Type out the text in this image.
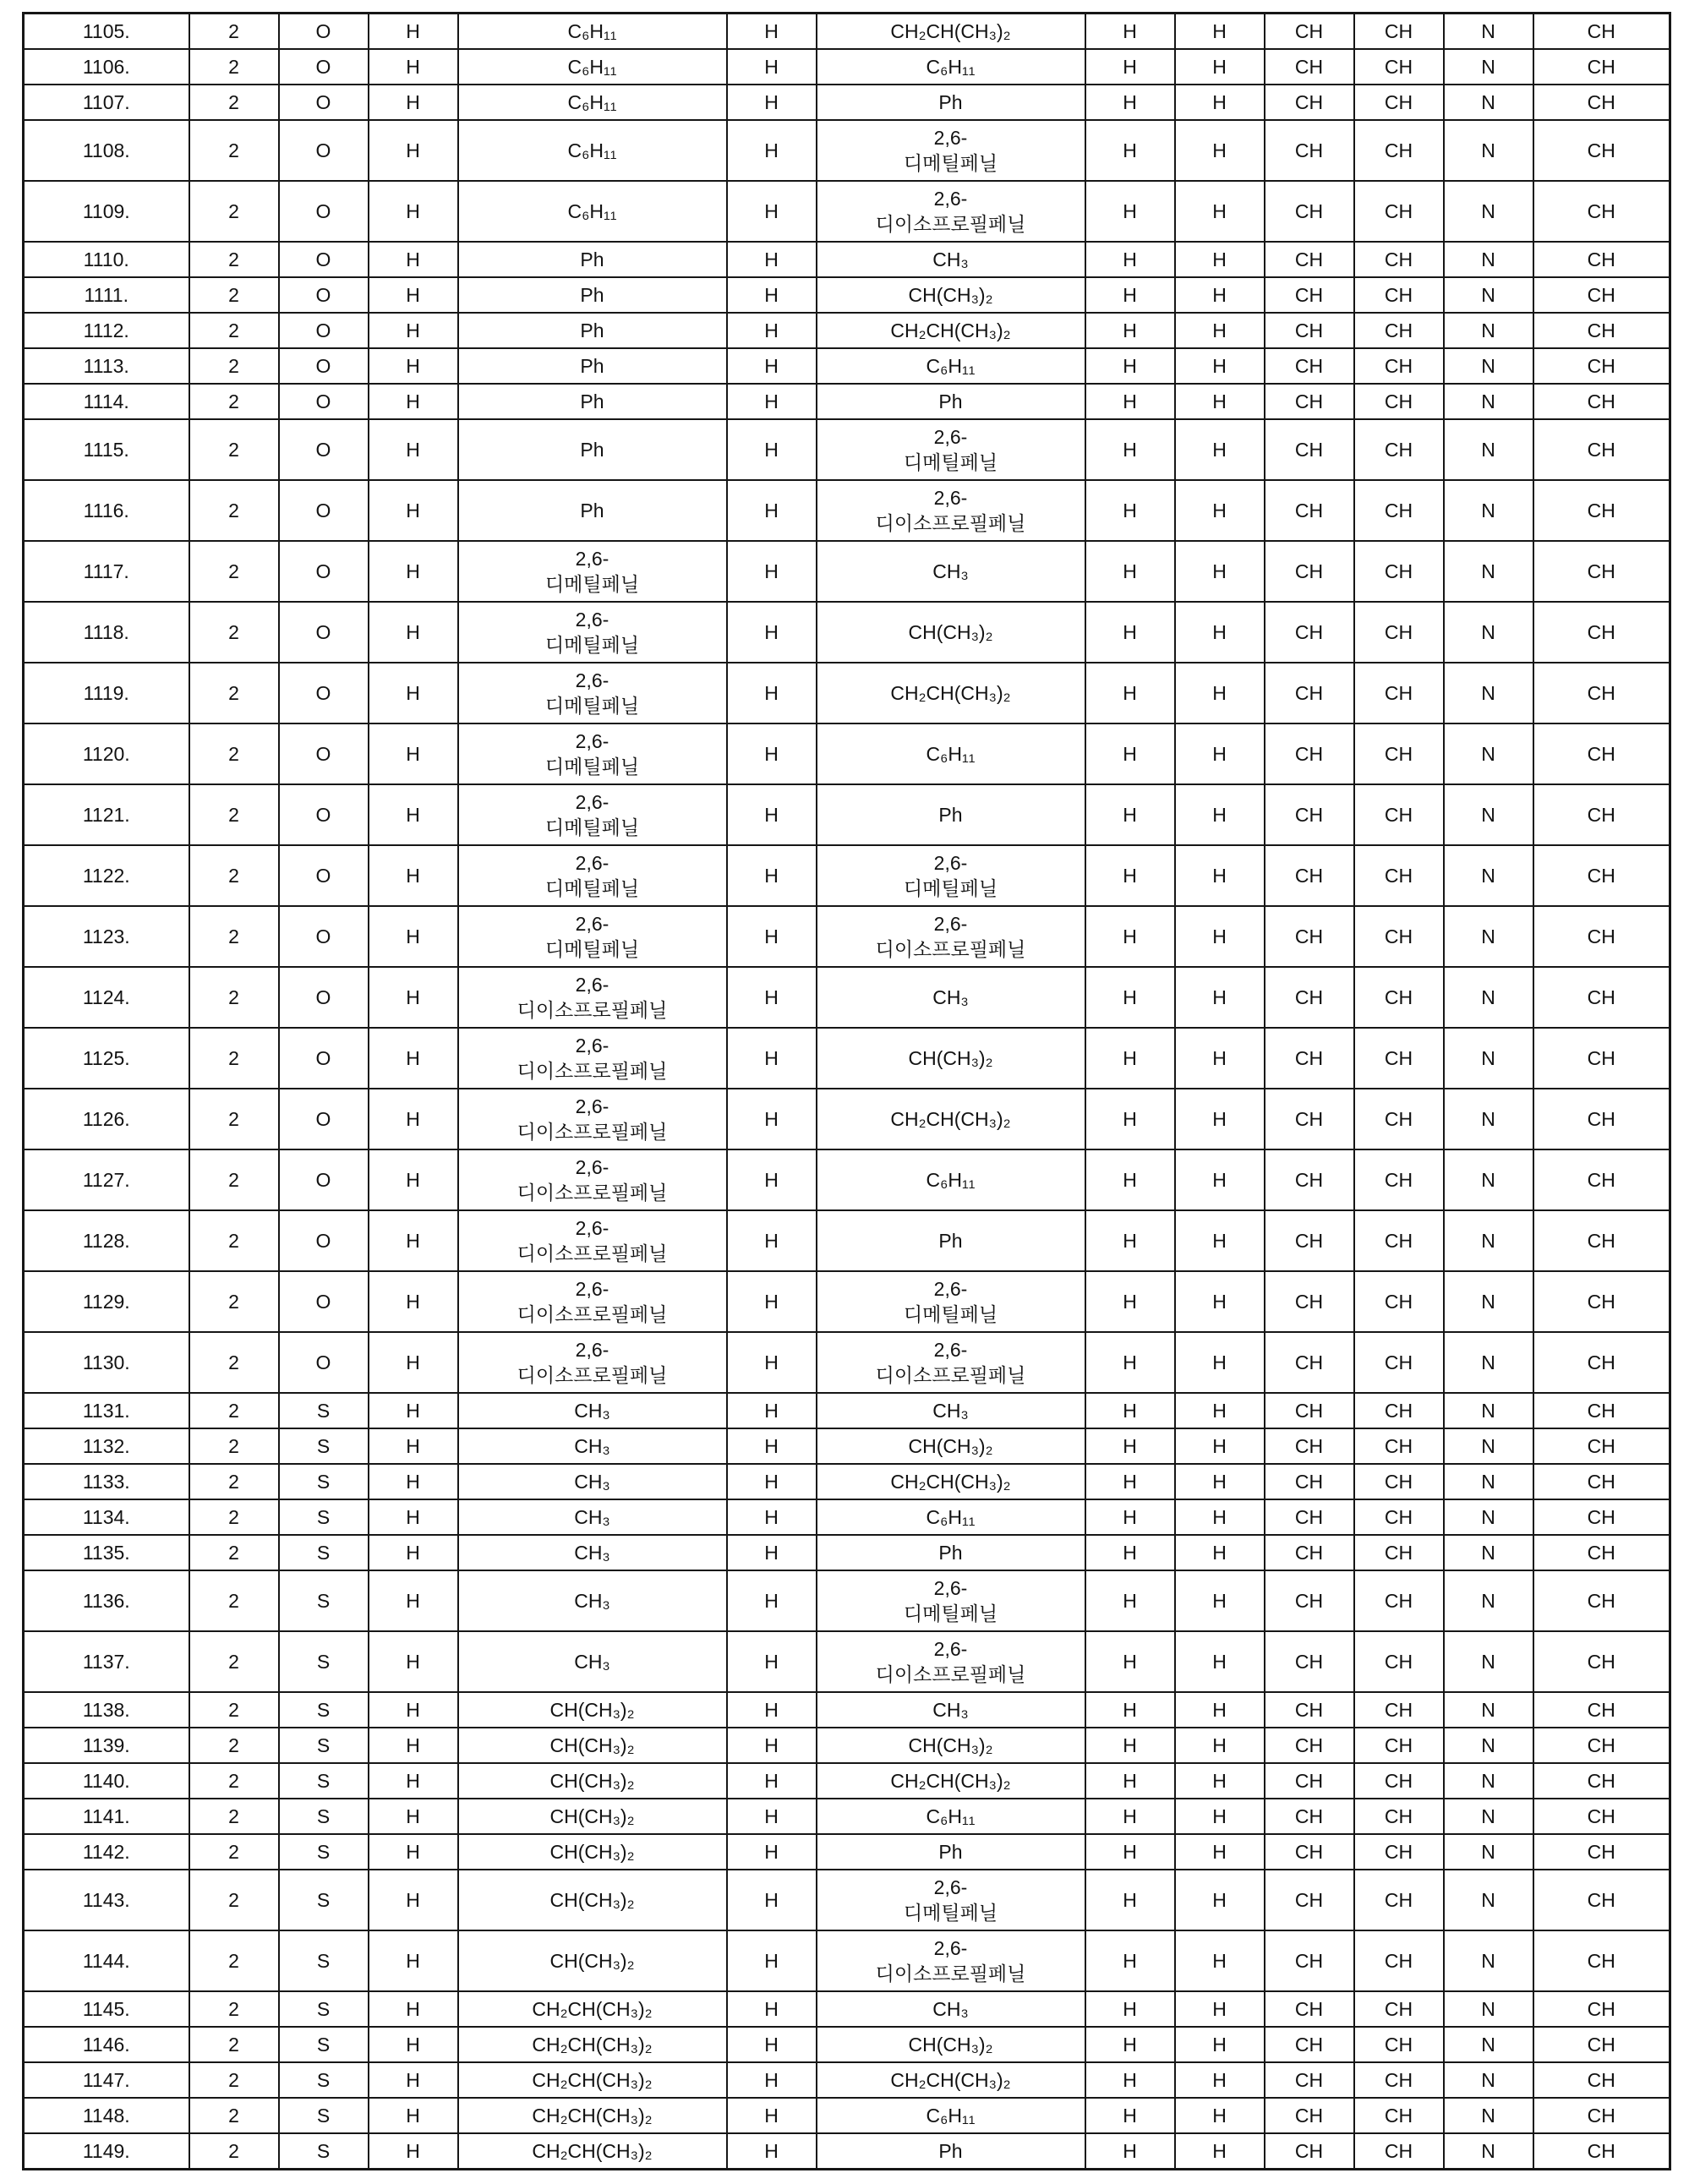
1105.	2	O	H	C₆H₁₁	H	CH₂CH(CH₃)₂	H	H	CH	CH	N	CH
1106.	2	O	H	C₆H₁₁	H	C₆H₁₁	H	H	CH	CH	N	CH
1107.	2	O	H	C₆H₁₁	H	Ph	H	H	CH	CH	N	CH
1108.	2	O	H	C₆H₁₁	H	2,6-
디메틸페닐	H	H	CH	CH	N	CH
1109.	2	O	H	C₆H₁₁	H	2,6-
디이소프로필페닐	H	H	CH	CH	N	CH
1110.	2	O	H	Ph	H	CH₃	H	H	CH	CH	N	CH
1111.	2	O	H	Ph	H	CH(CH₃)₂	H	H	CH	CH	N	CH
1112.	2	O	H	Ph	H	CH₂CH(CH₃)₂	H	H	CH	CH	N	CH
1113.	2	O	H	Ph	H	C₆H₁₁	H	H	CH	CH	N	CH
1114.	2	O	H	Ph	H	Ph	H	H	CH	CH	N	CH
1115.	2	O	H	Ph	H	2,6-
디메틸페닐	H	H	CH	CH	N	CH
1116.	2	O	H	Ph	H	2,6-
디이소프로필페닐	H	H	CH	CH	N	CH
1117.	2	O	H	2,6-
디메틸페닐	H	CH₃	H	H	CH	CH	N	CH
1118.	2	O	H	2,6-
디메틸페닐	H	CH(CH₃)₂	H	H	CH	CH	N	CH
1119.	2	O	H	2,6-
디메틸페닐	H	CH₂CH(CH₃)₂	H	H	CH	CH	N	CH
1120.	2	O	H	2,6-
디메틸페닐	H	C₆H₁₁	H	H	CH	CH	N	CH
1121.	2	O	H	2,6-
디메틸페닐	H	Ph	H	H	CH	CH	N	CH
1122.	2	O	H	2,6-
디메틸페닐	H	2,6-
디메틸페닐	H	H	CH	CH	N	CH
1123.	2	O	H	2,6-
디메틸페닐	H	2,6-
디이소프로필페닐	H	H	CH	CH	N	CH
1124.	2	O	H	2,6-
디이소프로필페닐	H	CH₃	H	H	CH	CH	N	CH
1125.	2	O	H	2,6-
디이소프로필페닐	H	CH(CH₃)₂	H	H	CH	CH	N	CH
1126.	2	O	H	2,6-
디이소프로필페닐	H	CH₂CH(CH₃)₂	H	H	CH	CH	N	CH
1127.	2	O	H	2,6-
디이소프로필페닐	H	C₆H₁₁	H	H	CH	CH	N	CH
1128.	2	O	H	2,6-
디이소프로필페닐	H	Ph	H	H	CH	CH	N	CH
1129.	2	O	H	2,6-
디이소프로필페닐	H	2,6-
디메틸페닐	H	H	CH	CH	N	CH
1130.	2	O	H	2,6-
디이소프로필페닐	H	2,6-
디이소프로필페닐	H	H	CH	CH	N	CH
1131.	2	S	H	CH₃	H	CH₃	H	H	CH	CH	N	CH
1132.	2	S	H	CH₃	H	CH(CH₃)₂	H	H	CH	CH	N	CH
1133.	2	S	H	CH₃	H	CH₂CH(CH₃)₂	H	H	CH	CH	N	CH
1134.	2	S	H	CH₃	H	C₆H₁₁	H	H	CH	CH	N	CH
1135.	2	S	H	CH₃	H	Ph	H	H	CH	CH	N	CH
1136.	2	S	H	CH₃	H	2,6-
디메틸페닐	H	H	CH	CH	N	CH
1137.	2	S	H	CH₃	H	2,6-
디이소프로필페닐	H	H	CH	CH	N	CH
1138.	2	S	H	CH(CH₃)₂	H	CH₃	H	H	CH	CH	N	CH
1139.	2	S	H	CH(CH₃)₂	H	CH(CH₃)₂	H	H	CH	CH	N	CH
1140.	2	S	H	CH(CH₃)₂	H	CH₂CH(CH₃)₂	H	H	CH	CH	N	CH
1141.	2	S	H	CH(CH₃)₂	H	C₆H₁₁	H	H	CH	CH	N	CH
1142.	2	S	H	CH(CH₃)₂	H	Ph	H	H	CH	CH	N	CH
1143.	2	S	H	CH(CH₃)₂	H	2,6-
디메틸페닐	H	H	CH	CH	N	CH
1144.	2	S	H	CH(CH₃)₂	H	2,6-
디이소프로필페닐	H	H	CH	CH	N	CH
1145.	2	S	H	CH₂CH(CH₃)₂	H	CH₃	H	H	CH	CH	N	CH
1146.	2	S	H	CH₂CH(CH₃)₂	H	CH(CH₃)₂	H	H	CH	CH	N	CH
1147.	2	S	H	CH₂CH(CH₃)₂	H	CH₂CH(CH₃)₂	H	H	CH	CH	N	CH
1148.	2	S	H	CH₂CH(CH₃)₂	H	C₆H₁₁	H	H	CH	CH	N	CH
1149.	2	S	H	CH₂CH(CH₃)₂	H	Ph	H	H	CH	CH	N	CH
